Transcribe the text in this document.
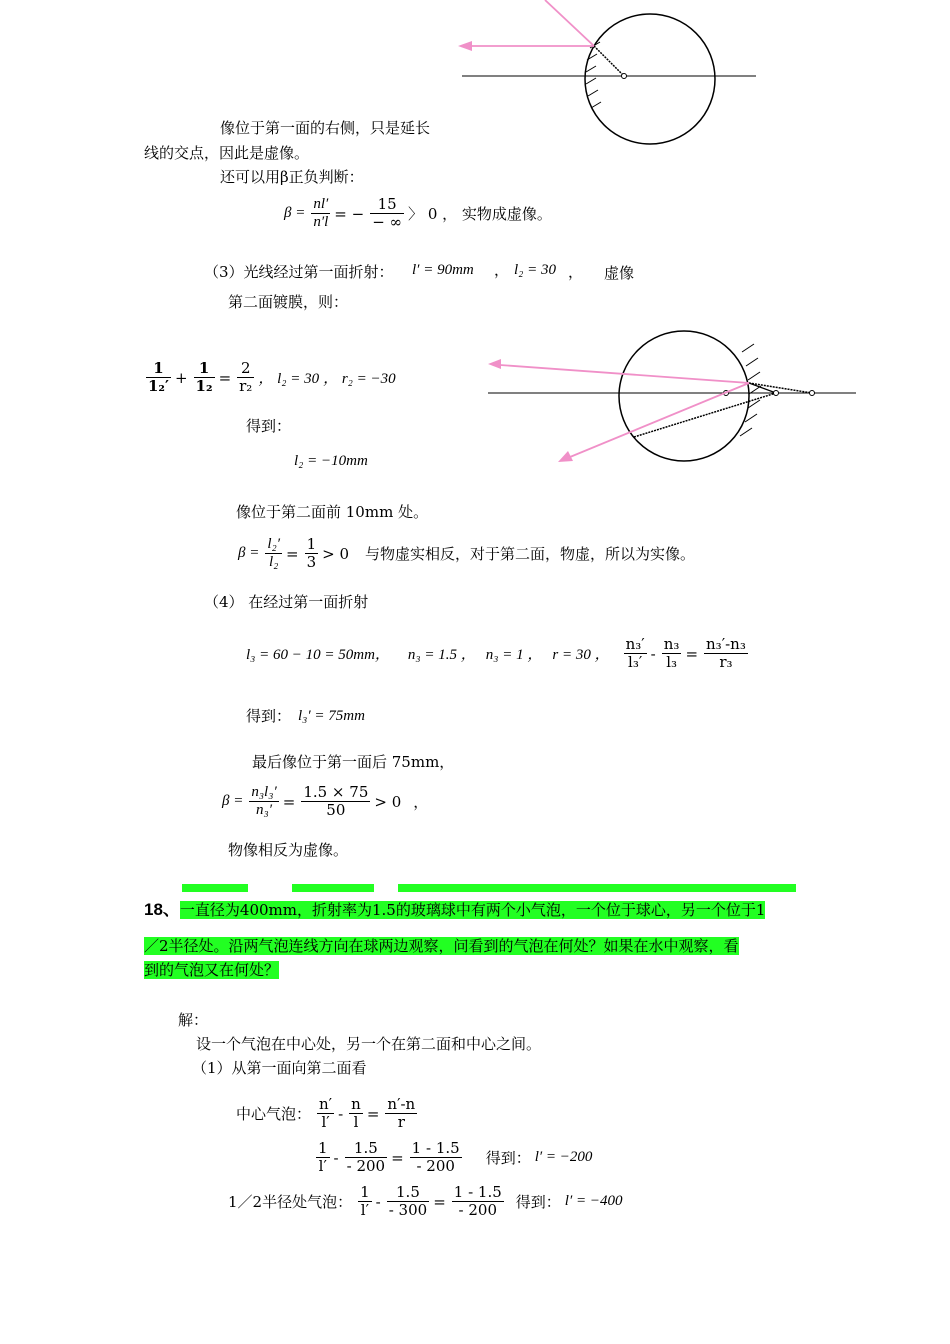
像位于第一面的右侧，只是延长
线的交点，因此是虚像。
还可以用β正负判断：
$\beta = \frac{nl'}{n'l}$ = − $\frac{15}{- \infty}$ 〉 0 ， 实物成虚像。
（3）光线经过第一面折射： l′ = 90mm ， l₂ = 30 ， 虚像
第二面镀膜，则：
$\frac{1}{\text{1₂′}} + \frac{1}{\text{1₂}} = \frac{2}{\text{r₂}}$ ， l₂ = 30 ， r₂ = −30
得到：
l₂ = −10mm
像位于第二面前 10mm 处。
$\beta = \frac{\text{l₂′}}{\text{l₂}} = \frac{1}{3} > 0$ 与物虚实相反，对于第二面，物虚，所以为实像。
（4） 在经过第一面折射
l₃ = 60 − 10 = 50mm， n₃ = 1.5 ， n₃ = 1 ， r = 30 ， $\frac{\text{n₃′}}{\text{l₃′}} - \frac{\text{n₃}}{\text{l₃}} = \frac{\text{n₃′-n₃}}{\text{r₃}}$
得到： l₃′ = 75mm
最后像位于第一面后 75mm，
$\beta = \frac{\text{n₃l₃′}}{\text{n₃′}} = \frac{1.5 \times 75}{50} > 0$ ，
物像相反为虚像。
18、一直径为400mm，折射率为1.5的玻璃球中有两个小气泡，一个位于球心，另一个位于1
／2半径处。沿两气泡连线方向在球两边观察，问看到的气泡在何处？如果在水中观察，看
到的气泡又在何处？
解：
设一个气泡在中心处，另一个在第二面和中心之间。
（1）从第一面向第二面看
中心气泡： $\frac{n'}{l'} - \frac{n}{l} = \frac{n'-n}{r}$
$\frac{1}{l'} - \frac{1.5}{- 200} = \frac{1 - 1.5}{- 200}$ 得到： l′ = −200
1／2半径处气泡： $\frac{1}{l'} - \frac{1.5}{- 300} = \frac{1 - 1.5}{- 200}$ 得到： l′ = −400
